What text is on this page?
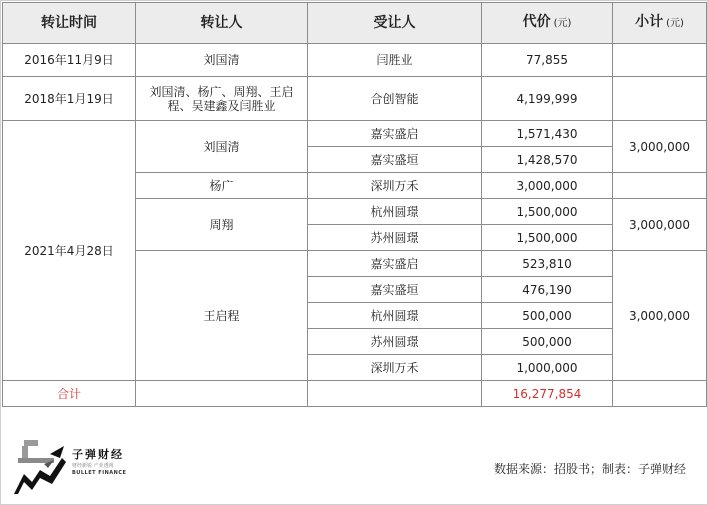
转让时间	转让人	受让人	代价 (元)	小计 (元)
2016年11月9日	刘国清	闫胜业	77,855	
2018年1月19日	刘国清、杨广、周翔、王启程、吴建鑫及闫胜业	合创智能	4,199,999	
2021年4月28日	刘国清	嘉实盛启	1,571,430	3,000,000
		嘉实盛垣	1,428,570	
	杨广	深圳万禾	3,000,000	
	周翔	杭州圆璟	1,500,000	3,000,000
		苏州圆璟	1,500,000	
	王启程	嘉实盛启	523,810	3,000,000
		嘉实盛垣	476,190	
		杭州圆璟	500,000	
		苏州圆璟	500,000	
		深圳万禾	1,000,000	
合计			16,277,854	
子弹财经
财经新锐 产业透视
BULLET FINANCE	数据来源：招股书；制表：子弹财经
